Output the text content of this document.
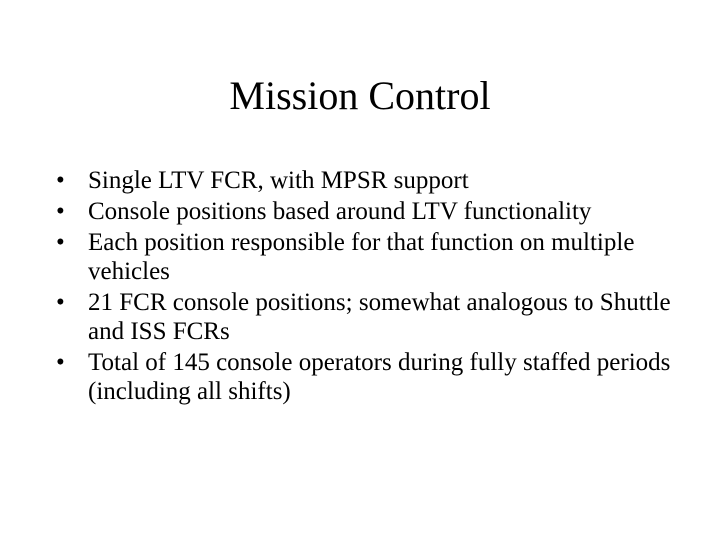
Mission Control
• Single LTV FCR, with MPSR support
• Console positions based around LTV functionality
• Each position responsible for that function on multiple vehicles
• 21 FCR console positions; somewhat analogous to Shuttle and ISS FCRs
• Total of 145 console operators during fully staffed periods (including all shifts)
